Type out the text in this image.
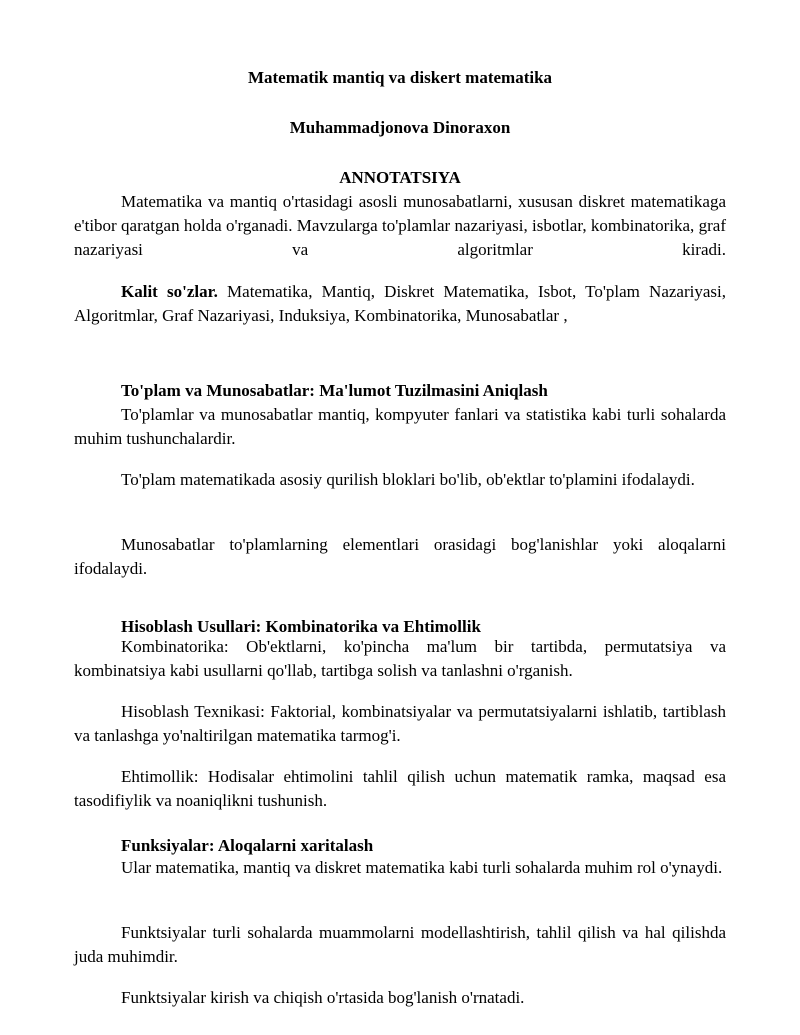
Matematik mantiq va diskert matematika
Muhammadjonova Dinoraxon
ANNOTATSIYA

Matematika va mantiq o'rtasidagi asosli munosabatlarni, xususan diskret matematikaga e'tibor qaratgan holda o'rganadi. Mavzularga to'plamlar nazariyasi, isbotlar, kombinatorika, graf nazariyasi va algoritmlar kiradi.

Kalit so'zlar. Matematika, Mantiq, Diskret Matematika, Isbot, To'plam Nazariyasi, Algoritmlar, Graf Nazariyasi, Induksiya, Kombinatorika, Munosabatlar ,

To'plam va Munosabatlar: Ma'lumot Tuzilmasini Aniqlash

To'plamlar va munosabatlar mantiq, kompyuter fanlari va statistika kabi turli sohalarda muhim tushunchalardir.

To'plam matematikada asosiy qurilish bloklari bo'lib, ob'ektlar to'plamini ifodalaydi.

Munosabatlar to'plamlarning elementlari orasidagi bog'lanishlar yoki aloqalarni ifodalaydi.

Hisoblash Usullari: Kombinatorika va Ehtimollik

Kombinatorika: Ob'ektlarni, ko'pincha ma'lum bir tartibda, permutatsiya va kombinatsiya kabi usullarni qo'llab, tartibga solish va tanlashni o'rganish.

Hisoblash Texnikasi: Faktorial, kombinatsiyalar va permutatsiyalarni ishlatib, tartiblash va tanlashga yo'naltirilgan matematika tarmog'i.

Ehtimollik: Hodisalar ehtimolini tahlil qilish uchun matematik ramka, maqsad esa tasodifiylik va noaniqlikni tushunish.

Funksiyalar: Aloqalarni xaritalash

Ular matematika, mantiq va diskret matematika kabi turli sohalarda muhim rol o'ynaydi.

Funktsiyalar turli sohalarda muammolarni modellashtirish, tahlil qilish va hal qilishda juda muhimdir.

Funktsiyalar kirish va chiqish o'rtasida bog'lanish o'rnatadi.
